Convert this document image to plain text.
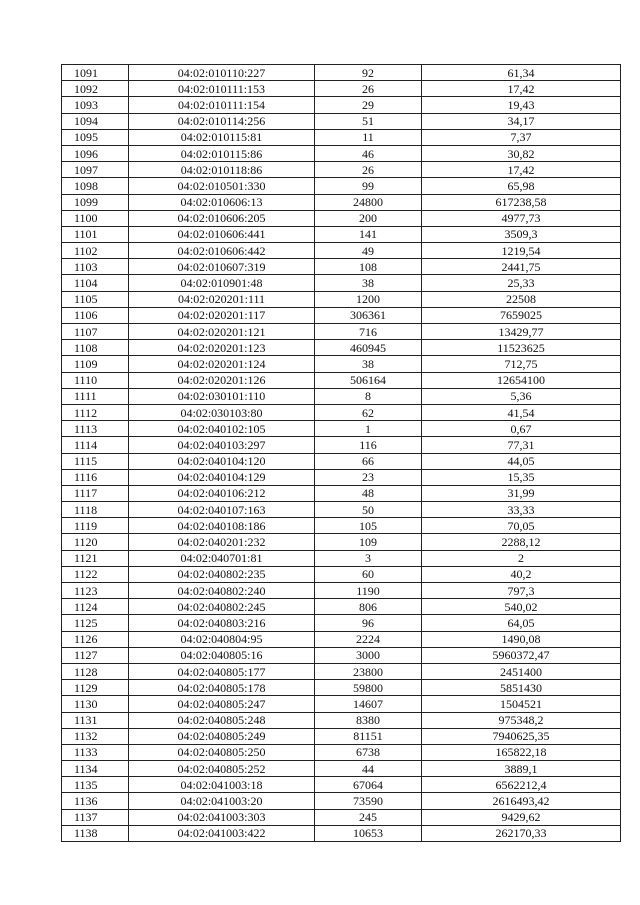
1091	04:02:010110:227	92	61,34
1092	04:02:010111:153	26	17,42
1093	04:02:010111:154	29	19,43
1094	04:02:010114:256	51	34,17
1095	04:02:010115:81	11	7,37
1096	04:02:010115:86	46	30,82
1097	04:02:010118:86	26	17,42
1098	04:02:010501:330	99	65,98
1099	04:02:010606:13	24800	617238,58
1100	04:02:010606:205	200	4977,73
1101	04:02:010606:441	141	3509,3
1102	04:02:010606:442	49	1219,54
1103	04:02:010607:319	108	2441,75
1104	04:02:010901:48	38	25,33
1105	04:02:020201:111	1200	22508
1106	04:02:020201:117	306361	7659025
1107	04:02:020201:121	716	13429,77
1108	04:02:020201:123	460945	11523625
1109	04:02:020201:124	38	712,75
1110	04:02:020201:126	506164	12654100
1111	04:02:030101:110	8	5,36
1112	04:02:030103:80	62	41,54
1113	04:02:040102:105	1	0,67
1114	04:02:040103:297	116	77,31
1115	04:02:040104:120	66	44,05
1116	04:02:040104:129	23	15,35
1117	04:02:040106:212	48	31,99
1118	04:02:040107:163	50	33,33
1119	04:02:040108:186	105	70,05
1120	04:02:040201:232	109	2288,12
1121	04:02:040701:81	3	2
1122	04:02:040802:235	60	40,2
1123	04:02:040802:240	1190	797,3
1124	04:02:040802:245	806	540,02
1125	04:02:040803:216	96	64,05
1126	04:02:040804:95	2224	1490,08
1127	04:02:040805:16	3000	5960372,47
1128	04:02:040805:177	23800	2451400
1129	04:02:040805:178	59800	5851430
1130	04:02:040805:247	14607	1504521
1131	04:02:040805:248	8380	975348,2
1132	04:02:040805:249	81151	7940625,35
1133	04:02:040805:250	6738	165822,18
1134	04:02:040805:252	44	3889,1
1135	04:02:041003:18	67064	6562212,4
1136	04:02:041003:20	73590	2616493,42
1137	04:02:041003:303	245	9429,62
1138	04:02:041003:422	10653	262170,33
